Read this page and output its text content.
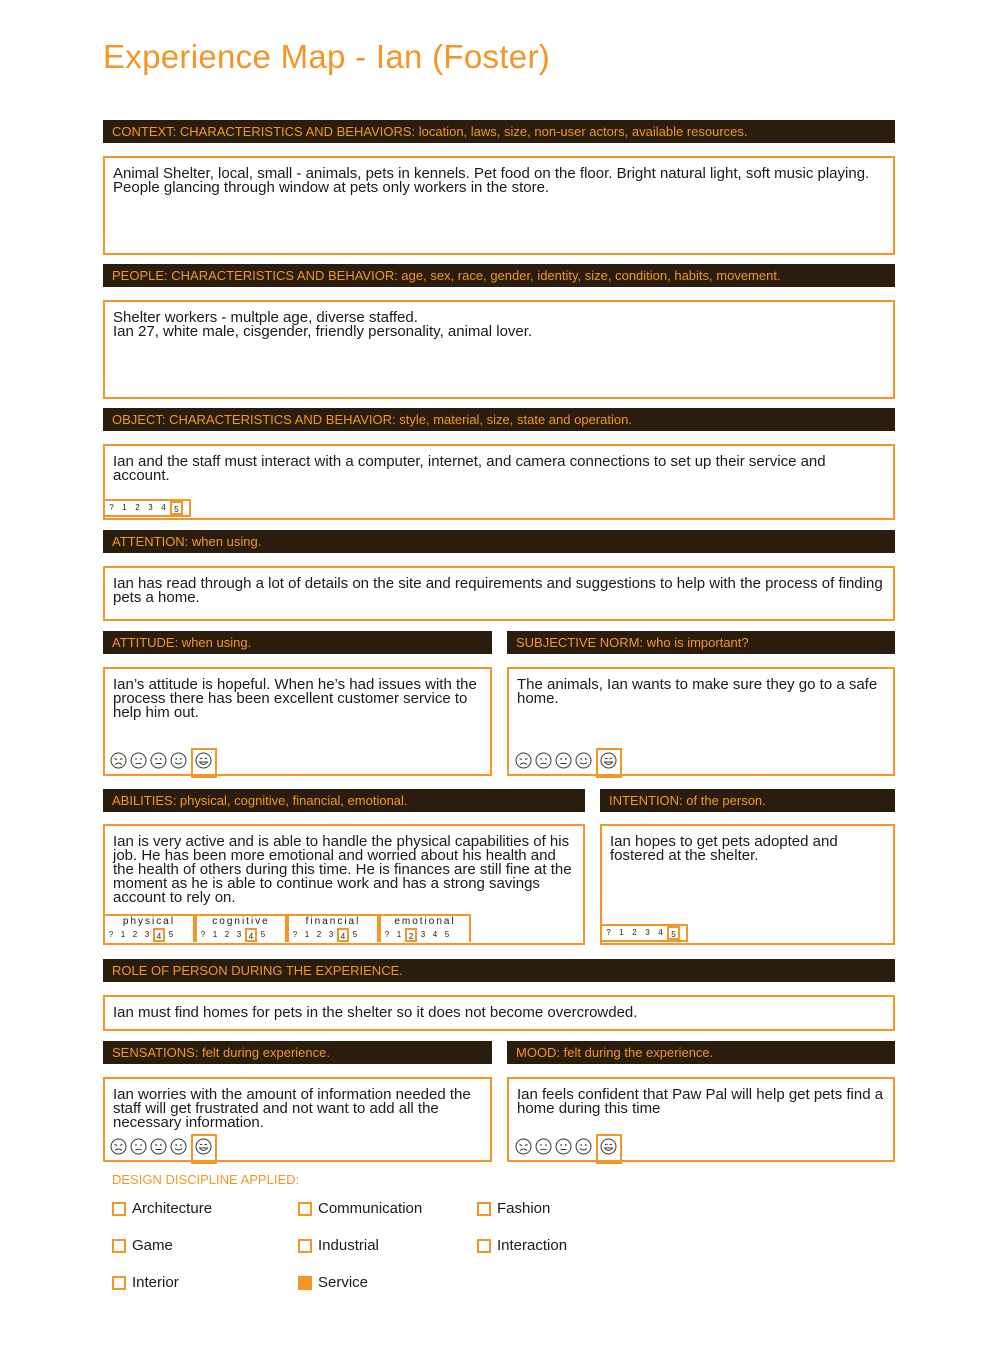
Experience Map - Ian (Foster)
CONTEXT: CHARACTERISTICS AND BEHAVIORS: location, laws, size, non-user actors, available resources.

Animal Shelter, local, small - animals, pets in kennels. Pet food on the floor. Bright natural light, soft music playing. People glancing through window at pets only workers in the store.

PEOPLE: CHARACTERISTICS AND BEHAVIOR: age, sex, race, gender, identity, size, condition, habits, movement.

Shelter workers - multple age, diverse staffed.

Ian 27, white male, cisgender, friendly personality, animal lover.

OBJECT: CHARACTERISTICS AND BEHAVIOR: style, material, size, state and operation.

Ian and the staff must interact with a computer, internet, and camera connections to set up their service and account.

?	1	2	3	4	5
ATTENTION: when using.

Ian has read through a lot of details on the site and requirements and suggestions to help with the process of finding pets a home.

ATTITUDE: when using.

Ian’s attitude is hopeful. When he’s had issues with the process there has been excellent customer service to help him out.

SUBJECTIVE NORM: who is important?

The animals, Ian wants to make sure they go to a safe home.

ABILITIES: physical, cognitive, financial, emotional.

Ian is very active and is able to handle the physical capabilities of his job. He has been more emotional and worried about his health and the health of others during this time. He is finances are still fine at the moment as he is able to continue work and has a strong savings account to rely on.

physical
? 1 2 3 4 5
cognitive
? 1 2 3 4 5
financial
? 1 2 3 4 5
emotional
? 1 2 3 4 5
INTENTION: of the person.

Ian hopes to get pets adopted and fostered at the shelter.

?	1	2	3	4	5
ROLE OF PERSON DURING THE EXPERIENCE.

Ian must find homes for pets in the shelter so it does not become overcrowded.

SENSATIONS: felt during experience.

Ian worries with the amount of information needed the staff will get frustrated and not want to add all the necessary information.

MOOD: felt during the experience.

Ian feels confident that Paw Pal will help get pets find a home during this time

DESIGN DISCIPLINE APPLIED:
Architecture	Communication	Fashion
Game	Industrial	Interaction
Interior	Service
